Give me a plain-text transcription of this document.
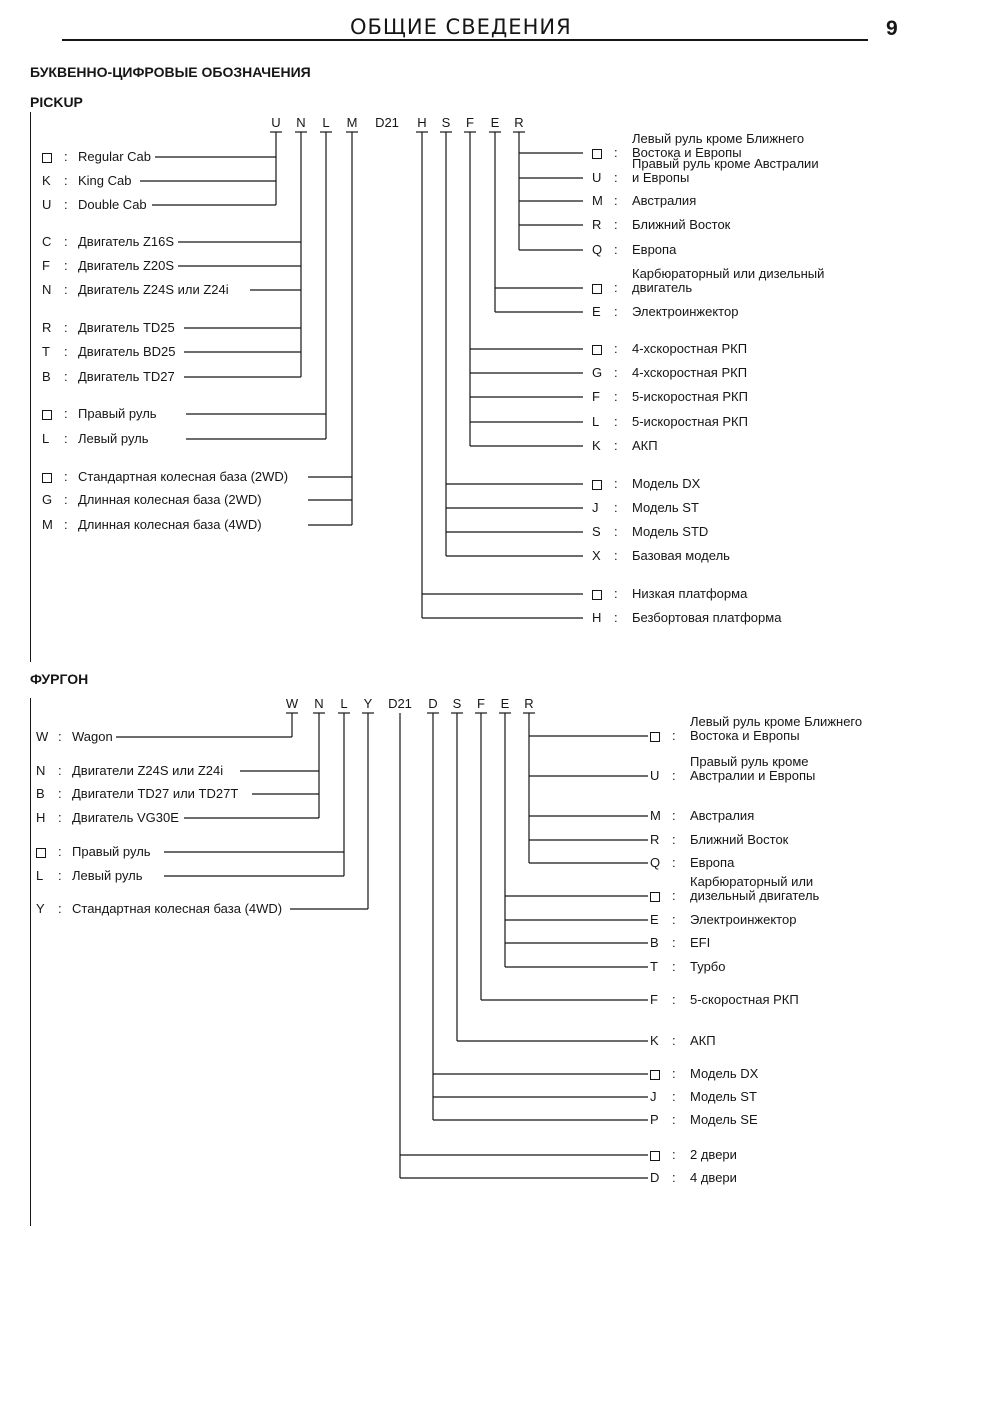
ОБЩИЕ СВЕДЕНИЯ	9
БУКВЕННО-ЦИФРОВЫЕ ОБОЗНАЧЕНИЯ
PICKUP
U	N	L	M	D21	H	S	F	E	R
: Regular Cab
K : King Cab
U : Double Cab
C : Двигатель Z16S
F : Двигатель Z20S
N : Двигатель Z24S или Z24i
R : Двигатель TD25
T : Двигатель BD25
B : Двигатель TD27
: Правый руль
L : Левый руль
: Стандартная колесная база (2WD)
G : Длинная колесная база (2WD)
M : Длинная колесная база (4WD)
:Левый руль кроме Ближнего
Востока и Европы
U :Правый руль кроме Австралии
и Европы
M : Австралия
R : Ближний Восток
Q : Европа
:Карбюраторный или дизельный
двигатель
E : Электроинжектор
: 4-хскоростная РКП
G : 4-хскоростная РКП
F : 5-искоростная РКП
L : 5-искоростная РКП
K : АКП
: Модель DX
J : Модель ST
S : Модель STD
X : Базовая модель
: Низкая платформа
H : Безбортовая платформа
ФУРГОН
W	N	L	Y	D21	D	S	F	E	R
W : Wagon
N : Двигатели Z24S или Z24i
B : Двигатели TD27 или TD27T
H : Двигатель VG30E
: Правый руль
L : Левый руль
Y : Стандартная колесная база (4WD)
:Левый руль кроме Ближнего
Востока и Европы
U :Правый руль кроме
Австралии и Европы
M : Австралия
R : Ближний Восток
Q : Европа
:Карбюраторный или
дизельный двигатель
E : Электроинжектор
B : EFI
T : Турбо
F : 5-скоростная РКП
K : АКП
: Модель DX
J : Модель ST
P : Модель SE
: 2 двери
D : 4 двери
